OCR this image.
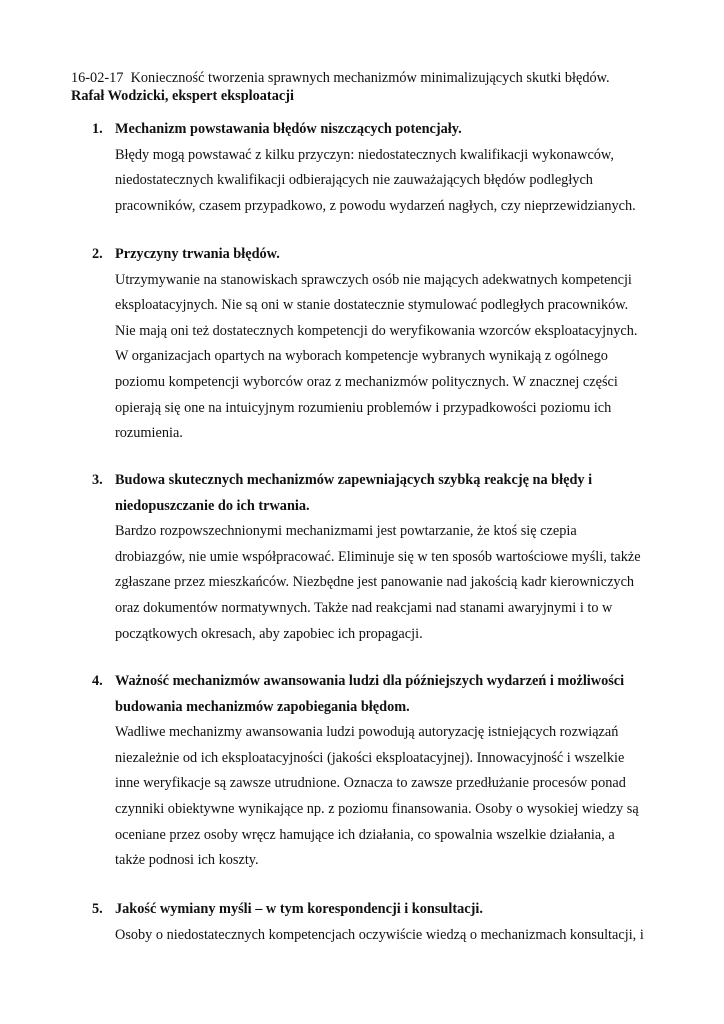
16-02-17 Konieczność tworzenia sprawnych mechanizmów minimalizujących skutki błędów.
Rafał Wodzicki, ekspert eksploatacji
1. Mechanizm powstawania błędów niszczących potencjały.
Błędy mogą powstawać z kilku przyczyn: niedostatecznych kwalifikacji wykonawców,
niedostatecznych kwalifikacji odbierających nie zauważających błędów podległych
pracowników, czasem przypadkowo, z powodu wydarzeń nagłych, czy nieprzewidzianych.
2. Przyczyny trwania błędów.
Utrzymywanie na stanowiskach sprawczych osób nie mających adekwatnych kompetencji
eksploatacyjnych. Nie są oni w stanie dostatecznie stymulować podległych pracowników.
Nie mają oni też dostatecznych kompetencji do weryfikowania wzorców eksploatacyjnych.
W organizacjach opartych na wyborach kompetencje wybranych wynikają z ogólnego
poziomu kompetencji wyborców oraz z mechanizmów politycznych. W znacznej części
opierają się one na intuicyjnym rozumieniu problemów i przypadkowości poziomu ich
rozumienia.
3. Budowa skutecznych mechanizmów zapewniających szybką reakcję na błędy i
niedopuszczanie do ich trwania.
Bardzo rozpowszechnionymi mechanizmami jest powtarzanie, że ktoś się czepia
drobiazgów, nie umie współpracować. Eliminuje się w ten sposób wartościowe myśli, także
zgłaszane przez mieszkańców. Niezbędne jest panowanie nad jakością kadr kierowniczych
oraz dokumentów normatywnych. Także nad reakcjami nad stanami awaryjnymi i to w
początkowych okresach, aby zapobiec ich propagacji.
4. Ważność mechanizmów awansowania ludzi dla późniejszych wydarzeń i możliwości
budowania mechanizmów zapobiegania błędom.
Wadliwe mechanizmy awansowania ludzi powodują autoryzację istniejących rozwiązań
niezależnie od ich eksploatacyjności (jakości eksploatacyjnej). Innowacyjność i wszelkie
inne weryfikacje są zawsze utrudnione. Oznacza to zawsze przedłużanie procesów ponad
czynniki obiektywne wynikające np. z poziomu finansowania. Osoby o wysokiej wiedzy są
oceniane przez osoby wręcz hamujące ich działania, co spowalnia wszelkie działania, a
także podnosi ich koszty.
5. Jakość wymiany myśli – w tym korespondencji i konsultacji.
Osoby o niedostatecznych kompetencjach oczywiście wiedzą o mechanizmach konsultacji, i
